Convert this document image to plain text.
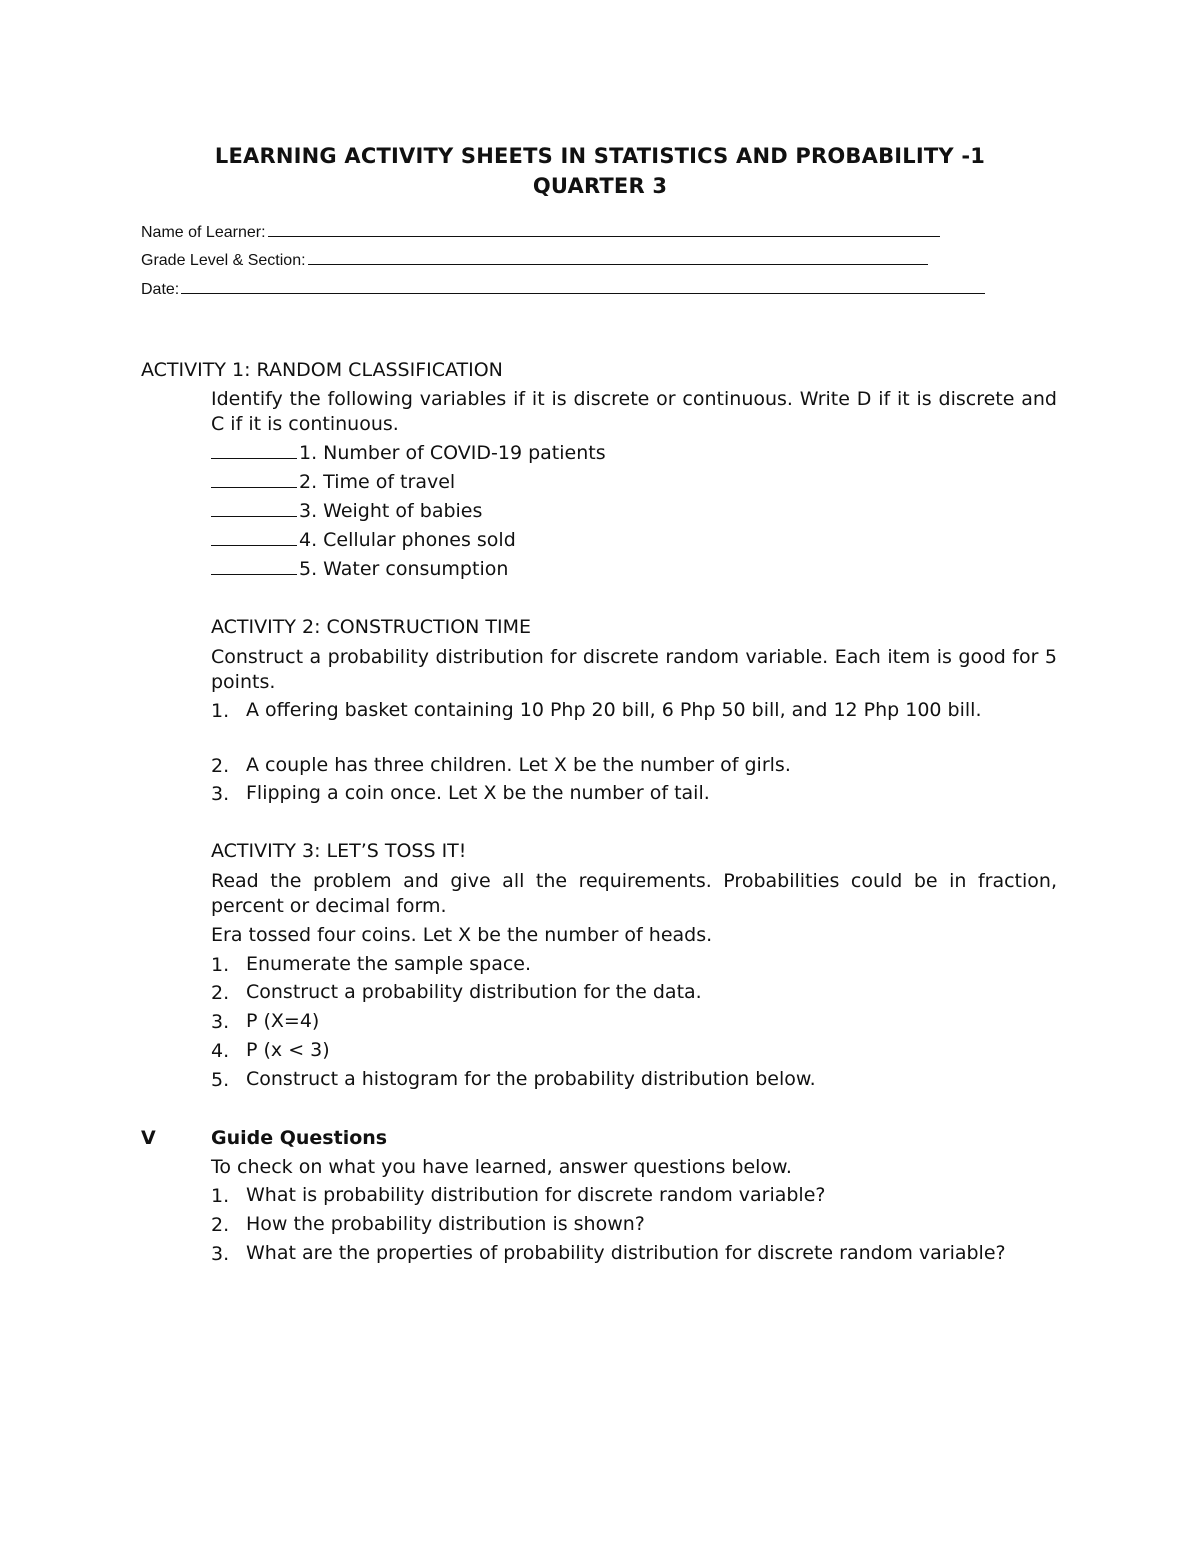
LEARNING ACTIVITY SHEETS IN STATISTICS AND PROBABILITY -1
QUARTER 3
Name of Learner:
Grade Level & Section:
Date:
ACTIVITY 1: RANDOM CLASSIFICATION
Identify the following variables if it is discrete or continuous. Write D if it is discrete and C if it is continuous.
1. Number of COVID-19 patients
2. Time of travel
3. Weight of babies
4. Cellular phones sold
5. Water consumption
ACTIVITY 2: CONSTRUCTION TIME
Construct a probability distribution for discrete random variable. Each item is good for 5 points.
1. A offering basket containing 10 Php 20 bill, 6 Php 50 bill, and 12 Php 100 bill.
2. A couple has three children. Let X be the number of girls.
3. Flipping a coin once. Let X be the number of tail.
ACTIVITY 3: LET’S TOSS IT!
Read the problem and give all the requirements. Probabilities could be in fraction, percent or decimal form.
Era tossed four coins. Let X be the number of heads.
1. Enumerate the sample space.
2. Construct a probability distribution for the data.
3. P (X=4)
4. P (x < 3)
5. Construct a histogram for the probability distribution below.
V	Guide Questions
To check on what you have learned, answer questions below.
1. What is probability distribution for discrete random variable?
2. How the probability distribution is shown?
3. What are the properties of probability distribution for discrete random variable?
